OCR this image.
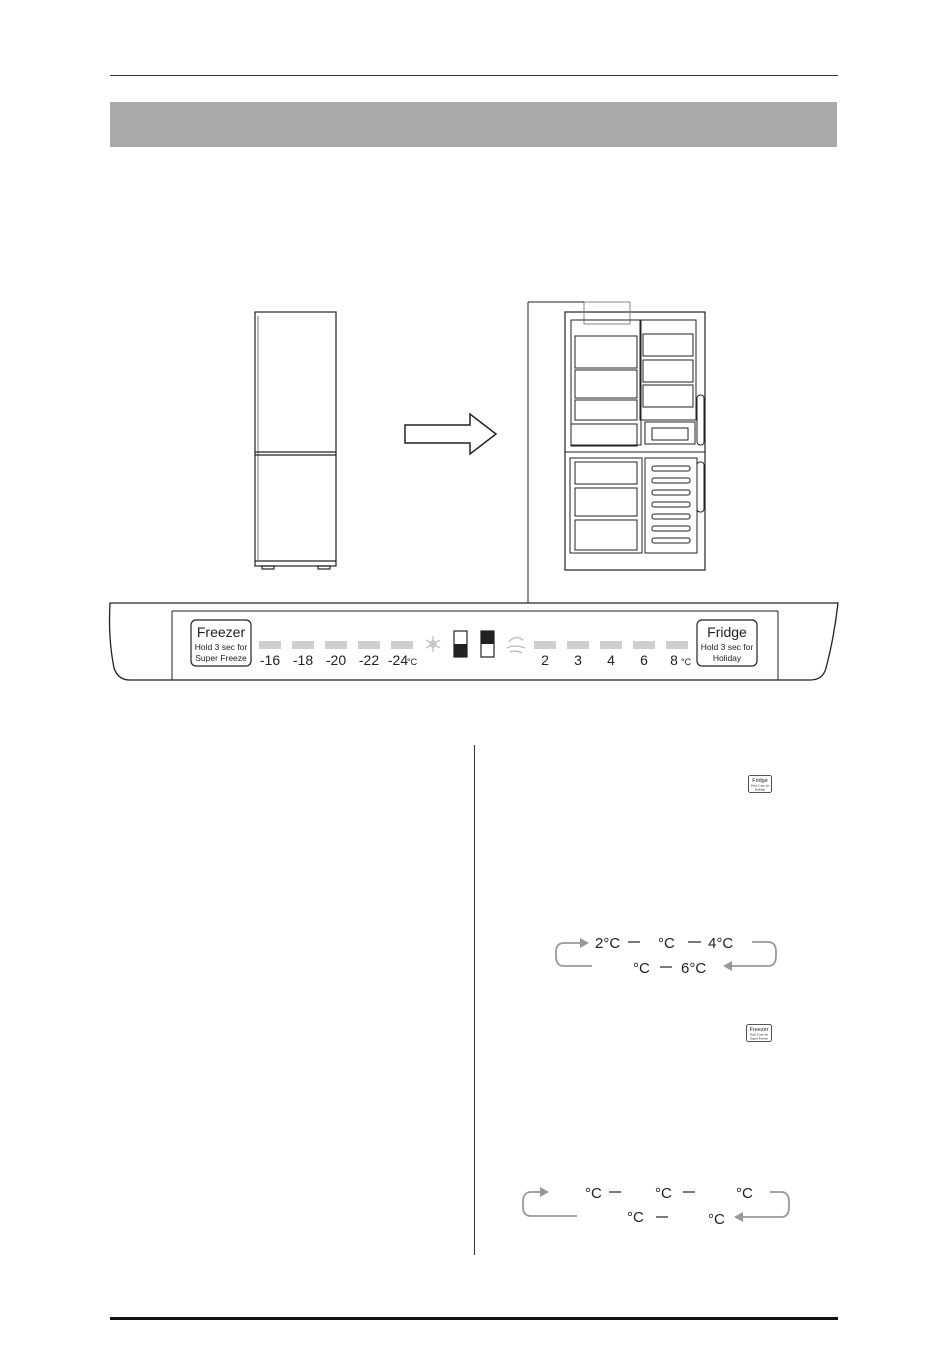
Freezer
Hold 3 sec for
Super Freeze -16 -18 -20 -22 -24
°C	2 3 4 6 8 °C
Fridge
Hold 3 sec for
Holiday
Fridge
Hold 3 sec for
Holiday
2°C	°C 4°C
°C 6°C
Freezer
Hold 3 sec for
Super Freeze
°C	°C	°C
°C	°C
